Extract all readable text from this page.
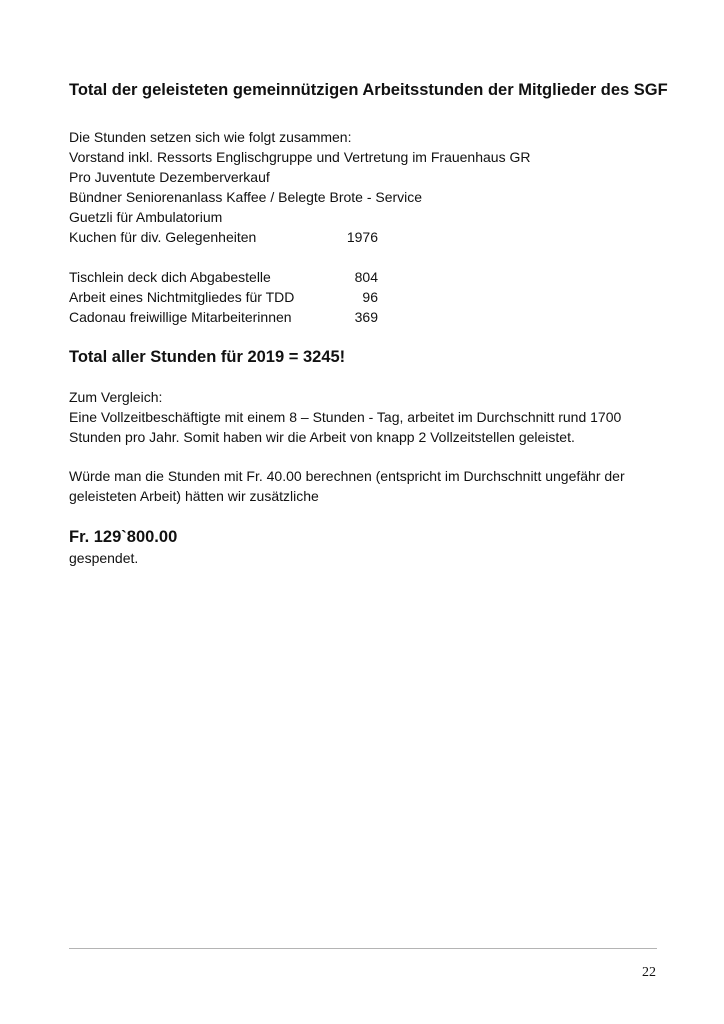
Total der geleisteten gemeinnützigen Arbeitsstunden der Mitglieder des SGF
Die Stunden setzen sich wie folgt zusammen:
Vorstand inkl. Ressorts Englischgruppe und Vertretung im Frauenhaus GR
Pro Juventute Dezemberverkauf
Bündner Seniorenanlass Kaffee / Belegte Brote - Service
Guetzli für Ambulatorium
Kuchen für div. Gelegenheiten	1976
Tischlein deck dich Abgabestelle	804
Arbeit eines Nichtmitgliedes für TDD	96
Cadonau freiwillige Mitarbeiterinnen	369
Total aller Stunden für 2019 = 3245!
Zum Vergleich:
Eine Vollzeitbeschäftigte mit einem 8 – Stunden - Tag, arbeitet im Durchschnitt rund 1700 Stunden pro Jahr. Somit haben wir die Arbeit von knapp 2 Vollzeitstellen geleistet.
Würde man die Stunden mit Fr. 40.00 berechnen (entspricht im Durchschnitt ungefähr der geleisteten Arbeit) hätten wir zusätzliche
Fr. 129`800.00
gespendet.
22
